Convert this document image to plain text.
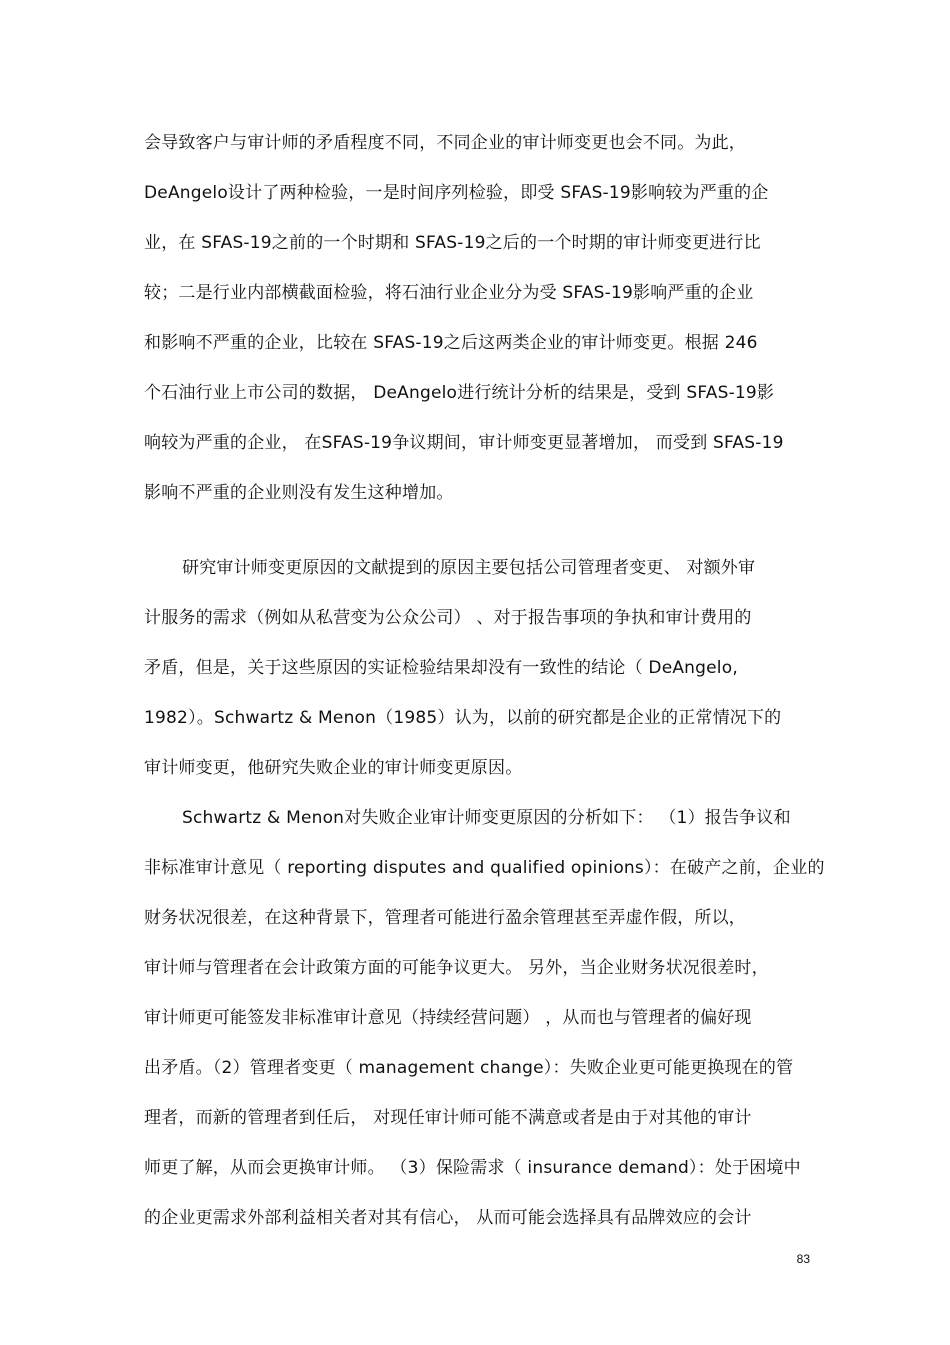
会导致客户与审计师的矛盾程度不同，不同企业的审计师变更也会不同。为此，
DeAngelo设计了两种检验，一是时间序列检验，即受 SFAS-19影响较为严重的企
业，在 SFAS-19之前的一个时期和 SFAS-19之后的一个时期的审计师变更进行比
较；二是行业内部横截面检验，将石油行业企业分为受 SFAS-19影响严重的企业
和影响不严重的企业，比较在 SFAS-19之后这两类企业的审计师变更。根据 246
个石油行业上市公司的数据， DeAngelo进行统计分析的结果是，受到 SFAS-19影
响较为严重的企业， 在SFAS-19争议期间，审计师变更显著增加， 而受到 SFAS-19
影响不严重的企业则没有发生这种增加。
研究审计师变更原因的文献提到的原因主要包括公司管理者变更、 对额外审
计服务的需求（例如从私营变为公众公司） 、对于报告事项的争执和审计费用的
矛盾，但是，关于这些原因的实证检验结果却没有一致性的结论（ DeAngelo,
1982）。Schwartz & Menon（1985）认为，以前的研究都是企业的正常情况下的
审计师变更，他研究失败企业的审计师变更原因。
Schwartz & Menon对失败企业审计师变更原因的分析如下： （1）报告争议和
非标准审计意见（ reporting disputes and qualified opinions）：在破产之前，企业的
财务状况很差，在这种背景下，管理者可能进行盈余管理甚至弄虚作假，所以，
审计师与管理者在会计政策方面的可能争议更大。 另外，当企业财务状况很差时，
审计师更可能签发非标准审计意见（持续经营问题） ，从而也与管理者的偏好现
出矛盾。（2）管理者变更（ management change）：失败企业更可能更换现在的管
理者，而新的管理者到任后， 对现任审计师可能不满意或者是由于对其他的审计
师更了解，从而会更换审计师。 （3）保险需求（ insurance demand）：处于困境中
的企业更需求外部利益相关者对其有信心， 从而可能会选择具有品牌效应的会计
83
